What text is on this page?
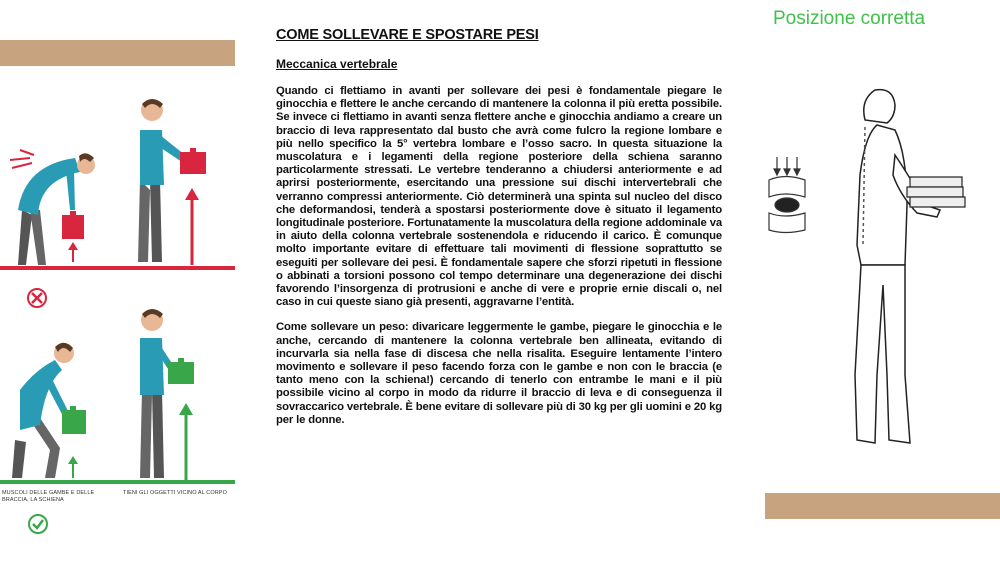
MUSCOLI DELLE GAMBE E DELLE BRACCIA, LA SCHIENA
TIENI GLI OGGETTI VICINO AL CORPO
COME SOLLEVARE E SPOSTARE PESI
Meccanica vertebrale

Quando ci flettiamo in avanti per sollevare dei pesi è fondamentale piegare le ginocchia e flettere le anche cercando di mantenere la colonna il più eretta possibile. Se invece ci flettiamo in avanti senza flettere anche e ginocchia andiamo a creare un braccio di leva rappresentato dal busto che avrà come fulcro la regione lombare e più nello specifico la 5° vertebra lombare e l’osso sacro. In questa situazione la muscolatura e i legamenti della regione posteriore della schiena saranno particolarmente stressati. Le vertebre tenderanno a chiudersi anteriormente e ad aprirsi posteriormente, esercitando una pressione sui dischi intervertebrali che verranno compressi anteriormente. Ciò determinerà una spinta sul nucleo del disco che deformandosi, tenderà a spostarsi posteriormente dove è situato il legamento longitudinale posteriore. Fortunatamente la muscolatura della regione addominale va in aiuto della colonna vertebrale sostenendola e riducendo il carico. È comunque molto importante evitare di effettuare tali movimenti di flessione soprattutto se eseguiti per sollevare dei pesi. È fondamentale sapere che sforzi ripetuti in flessione o abbinati a torsioni possono col tempo determinare una degenerazione dei dischi favorendo l’insorgenza di protrusioni e anche di vere e proprie ernie discali o, nel caso in cui queste siano già presenti, aggravarne l’entità.

Come sollevare un peso: divaricare leggermente le gambe, piegare le ginocchia e le anche, cercando di mantenere la colonna vertebrale ben allineata, evitando di incurvarla sia nella fase di discesa che nella risalita. Eseguire lentamente l’intero movimento e sollevare il peso facendo forza con le gambe e non con le braccia (e tanto meno con la schiena!) cercando di tenerlo con entrambe le mani e il più possibile vicino al corpo in modo da ridurre il braccio di leva e di conseguenza il sovraccarico vertebrale. È bene evitare di sollevare più di 30 kg per gli uomini e 20 kg per le donne.

Posizione corretta
